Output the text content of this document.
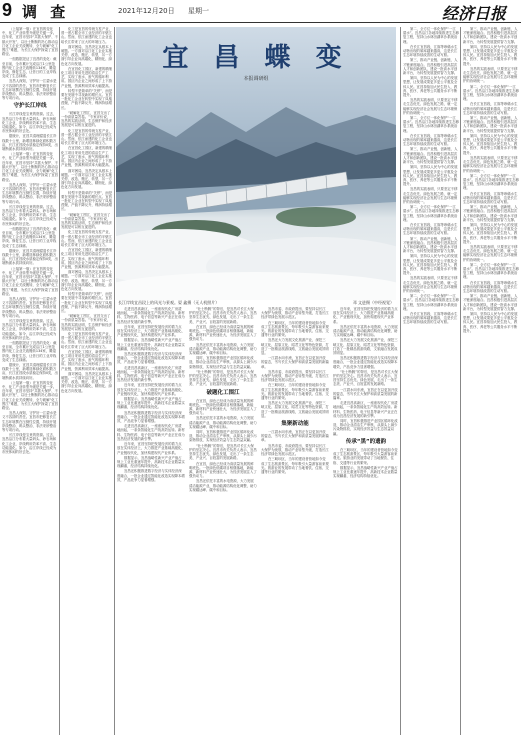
9 调 查	2021年12月20日 星期一	经济日报

（上接第一版）在宜昌的变化中，化工产业转型升级是关键一步。近年来，宜昌市坚持“共抓大保护、不搞大开发”，以壮士断腕的决心推动沿江化工企业关改搬转，全力破解“化工围江”难题，为长江大保护探索了宜昌路径。

一组数据见证了宜昌的变化：截至目前，全市累计完成沿江1公里范围内化工企业关改搬转134家，腾退岸线、修复生态，让昔日的工业岸线变成了生态绿廊。

宜昌人深知，守护好一江碧水是义不容辞的责任。宜昌市把修复长江生态环境摆在压倒性位置，持续开展岸线整治、码头整治、非法采砂整治等专项行动。

守护长江岸线

长江岸线是宝贵的资源。过去，宜昌沿江分布着大量码头、砂石场和化工企业，岸线利用效率不高、生态功能退化。如今，沿江岸线已经成为市民休闲的好去处。

据统计，宜昌共清理腐退长江岸线数十公里，新增造林绿化面积数万亩，长江宜昌段水质稳定保持Ⅱ类，出境断面水质持续向好。

（上接第一版）在宜昌的变化中，化工产业转型升级是关键一步。近年来，宜昌市坚持“共抓大保护、不搞大开发”，以壮士断腕的决心推动沿江化工企业关改搬转，全力破解“化工围江”难题，为长江大保护探索了宜昌路径。

宜昌人深知，守护好一江碧水是义不容辞的责任。宜昌市把修复长江生态环境摆在压倒性位置，持续开展岸线整治、码头整治、非法采砂整治等专项行动。

长江岸线是宝贵的资源。过去，宜昌沿江分布着大量码头、砂石场和化工企业，岸线利用效率不高、生态功能退化。如今，沿江岸线已经成为市民休闲的好去处。

一组数据见证了宜昌的变化：截至目前，全市累计完成沿江1公里范围内化工企业关改搬转134家，腾退岸线、修复生态，让昔日的工业岸线变成了生态绿廊。

据统计，宜昌共清理腐退长江岸线数十公里，新增造林绿化面积数万亩，长江宜昌段水质稳定保持Ⅱ类，出境断面水质持续向好。

（上接第一版）在宜昌的变化中，化工产业转型升级是关键一步。近年来，宜昌市坚持“共抓大保护、不搞大开发”，以壮士断腕的决心推动沿江化工企业关改搬转，全力破解“化工围江”难题，为长江大保护探索了宜昌路径。

宜昌人深知，守护好一江碧水是义不容辞的责任。宜昌市把修复长江生态环境摆在压倒性位置，持续开展岸线整治、码头整治、非法采砂整治等专项行动。

长江岸线是宝贵的资源。过去，宜昌沿江分布着大量码头、砂石场和化工企业，岸线利用效率不高、生态功能退化。如今，沿江岸线已经成为市民休闲的好去处。

一组数据见证了宜昌的变化：截至目前，全市累计完成沿江1公里范围内化工企业关改搬转134家，腾退岸线、修复生态，让昔日的工业岸线变成了生态绿廊。

据统计，宜昌共清理腐退长江岸线数十公里，新增造林绿化面积数万亩，长江宜昌段水质稳定保持Ⅱ类，出境断面水质持续向好。

（上接第一版）在宜昌的变化中，化工产业转型升级是关键一步。近年来，宜昌市坚持“共抓大保护、不搞大开发”，以壮士断腕的决心推动沿江化工企业关改搬转，全力破解“化工围江”难题，为长江大保护探索了宜昌路径。

宜昌人深知，守护好一江碧水是义不容辞的责任。宜昌市把修复长江生态环境摆在压倒性位置，持续开展岸线整治、码头整治、非法采砂整治等专项行动。

长江岸线是宝贵的资源。过去，宜昌沿江分布着大量码头、砂石场和化工企业，岸线利用效率不高、生态功能退化。如今，沿江岸线已经成为市民休闲的好去处。

化工是宜昌的传统支柱产业，曾一度占据全市工业经济的半壁江山。然而，依江而建的化工企业也给长江带来了巨大的环境压力。

面对困局，宜昌决定从根本上破题。一方面对沿江化工企业实施关停、改造、搬迁、转型，另一方面引导企业向高端化、精细化、绿色化方向发展。

在宜昌化工园区，新建的精细化工项目采用先进的清洁生产工艺，实现了废水、废气的循环利用。园区内企业之间形成了上下游产业链，资源利用效率大幅提高。

转型不是简单的“关停”，而是要在发展中寻找新的增长点。宜昌一批化工企业在转型中实现了凤凰涅槃，产值不降反升，利润持续增长。

“破解化工围江，宜昌交出了一份高质量答卷。”专家评价说，宜昌的实践证明，生态保护和经济发展是可以相互促进的。

化工是宜昌的传统支柱产业，曾一度占据全市工业经济的半壁江山。然而，依江而建的化工企业也给长江带来了巨大的环境压力。

在宜昌化工园区，新建的精细化工项目采用先进的清洁生产工艺，实现了废水、废气的循环利用。园区内企业之间形成了上下游产业链，资源利用效率大幅提高。

面对困局，宜昌决定从根本上破题。一方面对沿江化工企业实施关停、改造、搬迁、转型，另一方面引导企业向高端化、精细化、绿色化方向发展。

转型不是简单的“关停”，而是要在发展中寻找新的增长点。宜昌一批化工企业在转型中实现了凤凰涅槃，产值不降反升，利润持续增长。

“破解化工围江，宜昌交出了一份高质量答卷。”专家评价说，宜昌的实践证明，生态保护和经济发展是可以相互促进的。

化工是宜昌的传统支柱产业，曾一度占据全市工业经济的半壁江山。然而，依江而建的化工企业也给长江带来了巨大的环境压力。

在宜昌化工园区，新建的精细化工项目采用先进的清洁生产工艺，实现了废水、废气的循环利用。园区内企业之间形成了上下游产业链，资源利用效率大幅提高。

面对困局，宜昌决定从根本上破题。一方面对沿江化工企业实施关停、改造、搬迁、转型，另一方面引导企业向高端化、精细化、绿色化方向发展。

转型不是简单的“关停”，而是要在发展中寻找新的增长点。宜昌一批化工企业在转型中实现了凤凰涅槃，产值不降反升，利润持续增长。

“破解化工围江，宜昌交出了一份高质量答卷。”专家评价说，宜昌的实践证明，生态保护和经济发展是可以相互促进的。

化工是宜昌的传统支柱产业，曾一度占据全市工业经济的半壁江山。然而，依江而建的化工企业也给长江带来了巨大的环境压力。

在宜昌化工园区，新建的精细化工项目采用先进的清洁生产工艺，实现了废水、废气的循环利用。园区内企业之间形成了上下游产业链，资源利用效率大幅提高。

面对困局，宜昌决定从根本上破题。一方面对沿江化工企业实施关停、改造、搬迁、转型，另一方面引导企业向高端化、精细化、绿色化方向发展。

宜 昌 蝶 变
本报调研组
长江岸线宜昌段上的风光与景观。晏 鑫摄（无人机照片）	邓 文进摄（中经视觉）

走进宜昌高新区，一座座现代化厂房拔地而起，一条条智能化生产线高效运转。新材料、生物医药、电子信息等新兴产业正在成为宜昌经济发展的新引擎。

近年来，宜昌坚持把发展经济的着力点放在实体经济上，大力推进产业基础高级化、产业链现代化，加快构建现代产业体系。

数据显示，宜昌战略性新兴产业产值占规上工业比重逐年提升，高新技术企业数量实现翻番，经济结构持续优化。

宜昌还积极推进数字经济与实体经济深度融合，一批企业通过智能化改造实现降本增效，产品竞争力显著增强。

走进宜昌高新区，一座座现代化厂房拔地而起，一条条智能化生产线高效运转。新材料、生物医药、电子信息等新兴产业正在成为宜昌经济发展的新引擎。

近年来，宜昌坚持把发展经济的着力点放在实体经济上，大力推进产业基础高级化、产业链现代化，加快构建现代产业体系。

数据显示，宜昌战略性新兴产业产值占规上工业比重逐年提升，高新技术企业数量实现翻番，经济结构持续优化。

宜昌还积极推进数字经济与实体经济深度融合，一批企业通过智能化改造实现降本增效，产品竞争力显著增强。

走进宜昌高新区，一座座现代化厂房拔地而起，一条条智能化生产线高效运转。新材料、生物医药、电子信息等新兴产业正在成为宜昌经济发展的新引擎。

近年来，宜昌坚持把发展经济的着力点放在实体经济上，大力推进产业基础高级化、产业链现代化，加快构建现代产业体系。

数据显示，宜昌战略性新兴产业产值占规上工业比重逐年提升，高新技术企业数量实现翻番，经济结构持续优化。

宜昌还积极推进数字经济与实体经济深度融合，一批企业通过智能化改造实现降本增效，产品竞争力显著增强。

“壮士断腕”的背后，是宜昌对长江大保护的坚定决心。宜昌市有关负责人表示，宜昌坚持生态优先、绿色发展，走出了一条生态美、产业兴、百姓富的发展新路。

在宜昌，绿色已经成为高质量发展的鲜明底色。一批绿色低碳项目相继落地，新能源、新材料产业快速壮大，为经济发展注入了强劲动力。

宜昌还依托丰富的水电资源，大力发展清洁能源产业，推动能源结构优化调整，助力实现碳达峰、碳中和目标。

同时，宜昌积极推进产业园区循环化改造，推动企业清洁生产审核，从源头上减少污染物排放，实现经济效益与生态效益双赢。

“壮士断腕”的背后，是宜昌对长江大保护的坚定决心。宜昌市有关负责人表示，宜昌坚持生态优先、绿色发展，走出了一条生态美、产业兴、百姓富的发展新路。

破题化工围江

在宜昌，绿色已经成为高质量发展的鲜明底色。一批绿色低碳项目相继落地，新能源、新材料产业快速壮大，为经济发展注入了强劲动力。

宜昌还依托丰富的水电资源，大力发展清洁能源产业，推动能源结构优化调整，助力实现碳达峰、碳中和目标。

同时，宜昌积极推进产业园区循环化改造，推动企业清洁生产审核，从源头上减少污染物排放，实现经济效益与生态效益双赢。

“壮士断腕”的背后，是宜昌对长江大保护的坚定决心。宜昌市有关负责人表示，宜昌坚持生态优先、绿色发展，走出了一条生态美、产业兴、百姓富的发展新路。

在宜昌，绿色已经成为高质量发展的鲜明底色。一批绿色低碳项目相继落地，新能源、新材料产业快速壮大，为经济发展注入了强劲动力。

宜昌还依托丰富的水电资源，大力发展清洁能源产业，推动能源结构优化调整，助力实现碳达峰、碳中和目标。

宜昌市委、市政府提出，要坚持以长江大保护为统领，推动产业转型升级，打造长江经济带绿色发展示范区。

在三峡坝区，当年的建设者营地如今变成了生态旅游景区，每年吸引大量游客前来观光。旅游业的发展带动了当地餐饮、住宿、交通等行业的繁荣。

宜昌还大力发展文化旅游产业，深挖三峡文化、屈原文化、昭君文化等特色资源，打造了一批精品旅游线路，文旅融合发展成效明显。

一江碧水向东流，宜昌正在以更加开放的姿态，书写长江大保护和高质量发展的新篇章。

宜昌市委、市政府提出，要坚持以长江大保护为统领，推动产业转型升级，打造长江经济带绿色发展示范区。

在三峡坝区，当年的建设者营地如今变成了生态旅游景区，每年吸引大量游客前来观光。旅游业的发展带动了当地餐饮、住宿、交通等行业的繁荣。

宜昌还大力发展文化旅游产业，深挖三峡文化、屈原文化、昭君文化等特色资源，打造了一批精品旅游线路，文旅融合发展成效明显。

集聚新动能

一江碧水向东流，宜昌正在以更加开放的姿态，书写长江大保护和高质量发展的新篇章。

宜昌市委、市政府提出，要坚持以长江大保护为统领，推动产业转型升级，打造长江经济带绿色发展示范区。

在三峡坝区，当年的建设者营地如今变成了生态旅游景区，每年吸引大量游客前来观光。旅游业的发展带动了当地餐饮、住宿、交通等行业的繁荣。

近年来，宜昌坚持把发展经济的着力点放在实体经济上，大力推进产业基础高级化、产业链现代化，加快构建现代产业体系。

宜昌还依托丰富的水电资源，大力发展清洁能源产业，推动能源结构优化调整，助力实现碳达峰、碳中和目标。

宜昌还大力发展文化旅游产业，深挖三峡文化、屈原文化、昭君文化等特色资源，打造了一批精品旅游线路，文旅融合发展成效明显。

宜昌还积极推进数字经济与实体经济深度融合，一批企业通过智能化改造实现降本增效，产品竞争力显著增强。

“壮士断腕”的背后，是宜昌对长江大保护的坚定决心。宜昌市有关负责人表示，宜昌坚持生态优先、绿色发展，走出了一条生态美、产业兴、百姓富的发展新路。

一江碧水向东流，宜昌正在以更加开放的姿态，书写长江大保护和高质量发展的新篇章。

走进宜昌高新区，一座座现代化厂房拔地而起，一条条智能化生产线高效运转。新材料、生物医药、电子信息等新兴产业正在成为宜昌经济发展的新引擎。

同时，宜昌积极推进产业园区循环化改造，推动企业清洁生产审核，从源头上减少污染物排放，实现经济效益与生态效益双赢。

传承“黑”的遗韵

在三峡坝区，当年的建设者营地如今变成了生态旅游景区，每年吸引大量游客前来观光。旅游业的发展带动了当地餐饮、住宿、交通等行业的繁荣。

数据显示，宜昌战略性新兴产业产值占规上工业比重逐年提升，高新技术企业数量实现翻番，经济结构持续优化。

第二，全方位一体化保护“一江碧水”。宜昌沿江各地持续推进生态修复工程，坚持山水林田湖草沙系统治理。

在长江宜昌段，江豚等珍稀水生动物出现的频率越来越高，这是长江生态环境持续改善的生动写照。

第三，推动产业链、创新链、人才链深度融合。宜昌积极引进高层次人才和创新团队，建设一批高水平创新平台，为转型发展提供智力支撑。

第四，坚持以人民为中心的发展思想，让发展成果更多更公平惠及全体人民。宜昌持续加大民生投入，教育、医疗、养老等公共服务水平不断提升。

宜昌的实践表明，只要坚定不移走生态优先、绿色发展之路，就一定能够实现经济社会发展与生态环境保护的协调统一。

第二，全方位一体化保护“一江碧水”。宜昌沿江各地持续推进生态修复工程，坚持山水林田湖草沙系统治理。

在长江宜昌段，江豚等珍稀水生动物出现的频率越来越高，这是长江生态环境持续改善的生动写照。

第三，推动产业链、创新链、人才链深度融合。宜昌积极引进高层次人才和创新团队，建设一批高水平创新平台，为转型发展提供智力支撑。

第四，坚持以人民为中心的发展思想，让发展成果更多更公平惠及全体人民。宜昌持续加大民生投入，教育、医疗、养老等公共服务水平不断提升。

宜昌的实践表明，只要坚定不移走生态优先、绿色发展之路，就一定能够实现经济社会发展与生态环境保护的协调统一。

第二，全方位一体化保护“一江碧水”。宜昌沿江各地持续推进生态修复工程，坚持山水林田湖草沙系统治理。

在长江宜昌段，江豚等珍稀水生动物出现的频率越来越高，这是长江生态环境持续改善的生动写照。

第三，推动产业链、创新链、人才链深度融合。宜昌积极引进高层次人才和创新团队，建设一批高水平创新平台，为转型发展提供智力支撑。

第四，坚持以人民为中心的发展思想，让发展成果更多更公平惠及全体人民。宜昌持续加大民生投入，教育、医疗、养老等公共服务水平不断提升。

宜昌的实践表明，只要坚定不移走生态优先、绿色发展之路，就一定能够实现经济社会发展与生态环境保护的协调统一。

第二，全方位一体化保护“一江碧水”。宜昌沿江各地持续推进生态修复工程，坚持山水林田湖草沙系统治理。

在长江宜昌段，江豚等珍稀水生动物出现的频率越来越高，这是长江生态环境持续改善的生动写照。

第三，推动产业链、创新链、人才链深度融合。宜昌积极引进高层次人才和创新团队，建设一批高水平创新平台，为转型发展提供智力支撑。

第四，坚持以人民为中心的发展思想，让发展成果更多更公平惠及全体人民。宜昌持续加大民生投入，教育、医疗、养老等公共服务水平不断提升。

宜昌的实践表明，只要坚定不移走生态优先、绿色发展之路，就一定能够实现经济社会发展与生态环境保护的协调统一。

第二，全方位一体化保护“一江碧水”。宜昌沿江各地持续推进生态修复工程，坚持山水林田湖草沙系统治理。

在长江宜昌段，江豚等珍稀水生动物出现的频率越来越高，这是长江生态环境持续改善的生动写照。

第三，推动产业链、创新链、人才链深度融合。宜昌积极引进高层次人才和创新团队，建设一批高水平创新平台，为转型发展提供智力支撑。

第四，坚持以人民为中心的发展思想，让发展成果更多更公平惠及全体人民。宜昌持续加大民生投入，教育、医疗、养老等公共服务水平不断提升。

宜昌的实践表明，只要坚定不移走生态优先、绿色发展之路，就一定能够实现经济社会发展与生态环境保护的协调统一。

第二，全方位一体化保护“一江碧水”。宜昌沿江各地持续推进生态修复工程，坚持山水林田湖草沙系统治理。

在长江宜昌段，江豚等珍稀水生动物出现的频率越来越高，这是长江生态环境持续改善的生动写照。

第三，推动产业链、创新链、人才链深度融合。宜昌积极引进高层次人才和创新团队，建设一批高水平创新平台，为转型发展提供智力支撑。

第四，坚持以人民为中心的发展思想，让发展成果更多更公平惠及全体人民。宜昌持续加大民生投入，教育、医疗、养老等公共服务水平不断提升。

宜昌的实践表明，只要坚定不移走生态优先、绿色发展之路，就一定能够实现经济社会发展与生态环境保护的协调统一。

第二，全方位一体化保护“一江碧水”。宜昌沿江各地持续推进生态修复工程，坚持山水林田湖草沙系统治理。

在长江宜昌段，江豚等珍稀水生动物出现的频率越来越高，这是长江生态环境持续改善的生动写照。

第三，推动产业链、创新链、人才链深度融合。宜昌积极引进高层次人才和创新团队，建设一批高水平创新平台，为转型发展提供智力支撑。

第四，坚持以人民为中心的发展思想，让发展成果更多更公平惠及全体人民。宜昌持续加大民生投入，教育、医疗、养老等公共服务水平不断提升。
